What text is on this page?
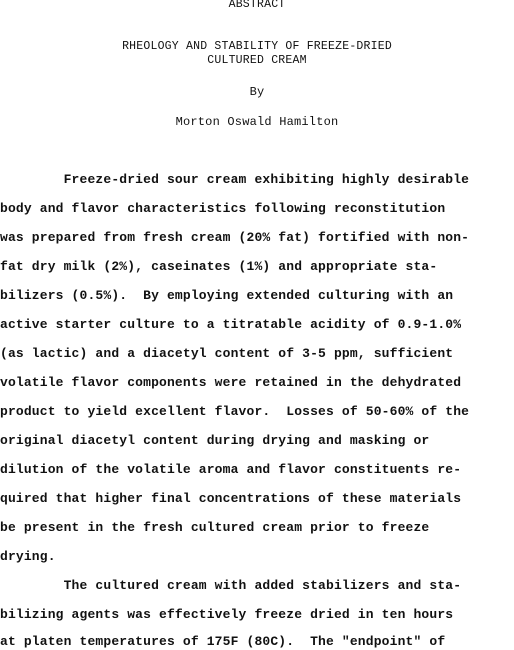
ABSTRACT
RHEOLOGY AND STABILITY OF FREEZE-DRIED
CULTURED CREAM
By
Morton Oswald Hamilton
Freeze-dried sour cream exhibiting highly desirable
body and flavor characteristics following reconstitution
was prepared from fresh cream (20% fat) fortified with non-
fat dry milk (2%), caseinates (1%) and appropriate sta-
bilizers (0.5%).  By employing extended culturing with an
active starter culture to a titratable acidity of 0.9-1.0%
(as lactic) and a diacetyl content of 3-5 ppm, sufficient
volatile flavor components were retained in the dehydrated
product to yield excellent flavor.  Losses of 50-60% of the
original diacetyl content during drying and masking or
dilution of the volatile aroma and flavor constituents re-
quired that higher final concentrations of these materials
be present in the fresh cultured cream prior to freeze
drying.
The cultured cream with added stabilizers and sta-
bilizing agents was effectively freeze dried in ten hours
at platen temperatures of 175F (80C).  The "endpoint" of
